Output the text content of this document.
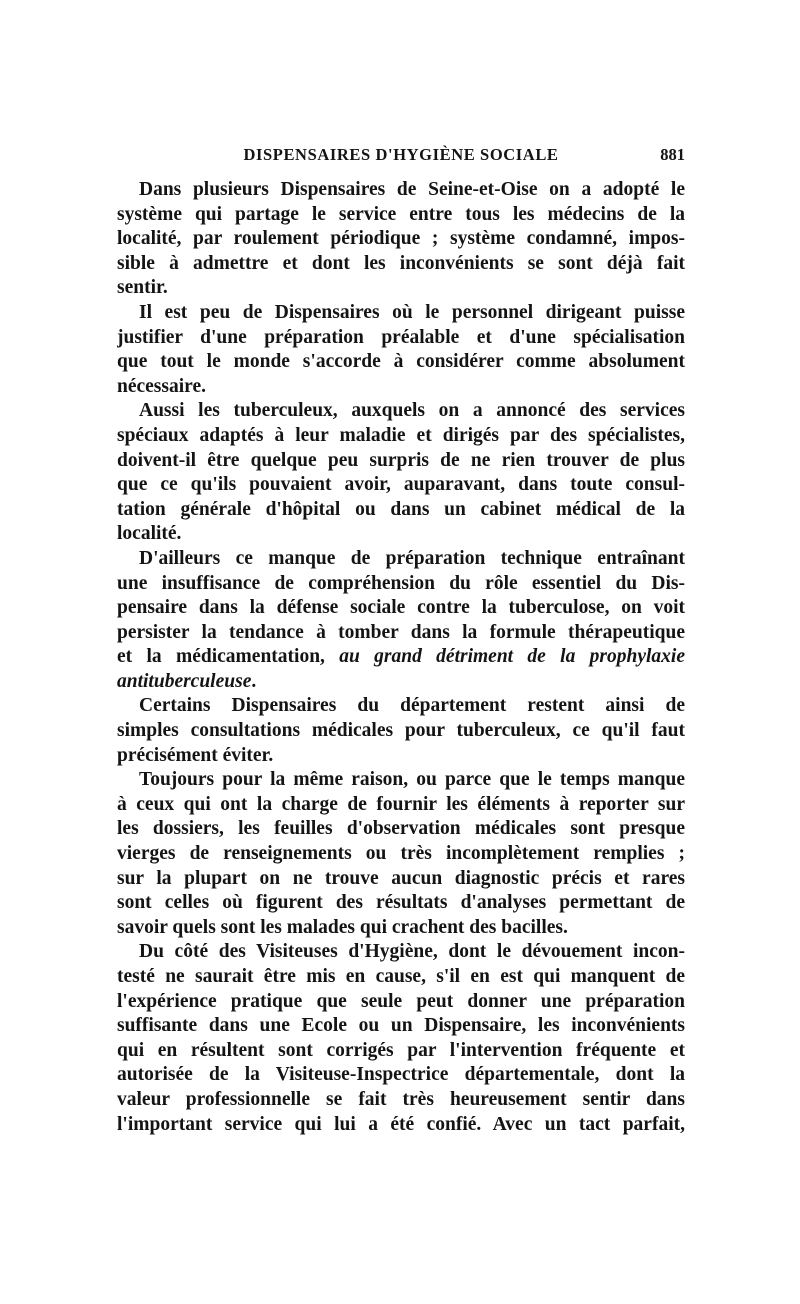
DISPENSAIRES D'HYGIÈNE SOCIALE	881
Dans plusieurs Dispensaires de Seine-et-Oise on a adopté le
système qui partage le service entre tous les médecins de la
localité, par roulement périodique ; système condamné, impos-
sible à admettre et dont les inconvénients se sont déjà fait
sentir.
Il est peu de Dispensaires où le personnel dirigeant puisse
justifier d'une préparation préalable et d'une spécialisation
que tout le monde s'accorde à considérer comme absolument
nécessaire.
Aussi les tuberculeux, auxquels on a annoncé des services
spéciaux adaptés à leur maladie et dirigés par des spécialistes,
doivent-il être quelque peu surpris de ne rien trouver de plus
que ce qu'ils pouvaient avoir, auparavant, dans toute consul-
tation générale d'hôpital ou dans un cabinet médical de la
localité.
D'ailleurs ce manque de préparation technique entraînant
une insuffisance de compréhension du rôle essentiel du Dis-
pensaire dans la défense sociale contre la tuberculose, on voit
persister la tendance à tomber dans la formule thérapeutique
et la médicamentation, au grand détriment de la prophylaxie
antituberculeuse.
Certains Dispensaires du département restent ainsi de
simples consultations médicales pour tuberculeux, ce qu'il faut
précisément éviter.
Toujours pour la même raison, ou parce que le temps manque
à ceux qui ont la charge de fournir les éléments à reporter sur
les dossiers, les feuilles d'observation médicales sont presque
vierges de renseignements ou très incomplètement remplies ;
sur la plupart on ne trouve aucun diagnostic précis et rares
sont celles où figurent des résultats d'analyses permettant de
savoir quels sont les malades qui crachent des bacilles.
Du côté des Visiteuses d'Hygiène, dont le dévouement incon-
testé ne saurait être mis en cause, s'il en est qui manquent de
l'expérience pratique que seule peut donner une préparation
suffisante dans une Ecole ou un Dispensaire, les inconvénients
qui en résultent sont corrigés par l'intervention fréquente et
autorisée de la Visiteuse-Inspectrice départementale, dont la
valeur professionnelle se fait très heureusement sentir dans
l'important service qui lui a été confié. Avec un tact parfait,
